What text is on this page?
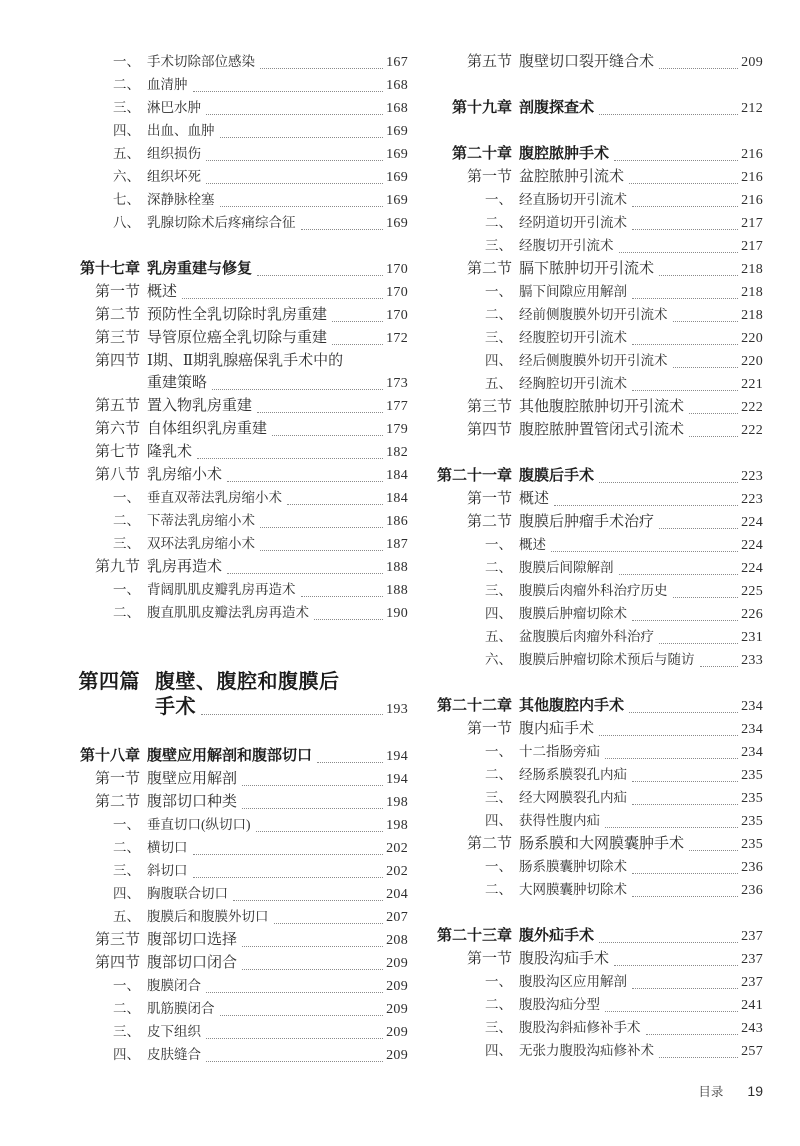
一、 手术切除部位感染	167
二、 血清肿	168
三、 淋巴水肿	168
四、 出血、血肿	169
五、 组织损伤	169
六、 组织坏死	169
七、 深静脉栓塞	169
八、 乳腺切除术后疼痛综合征	169
第十七章 乳房重建与修复	170
第一节 概述	170
第二节 预防性全乳切除时乳房重建	170
第三节 导管原位癌全乳切除与重建	172
第四节 Ⅰ期、Ⅱ期乳腺癌保乳手术中的
重建策略	173
第五节 置入物乳房重建	177
第六节 自体组织乳房重建	179
第七节 隆乳术	182
第八节 乳房缩小术	184
一、 垂直双蒂法乳房缩小术	184
二、 下蒂法乳房缩小术	186
三、 双环法乳房缩小术	187
第九节 乳房再造术	188
一、 背阔肌肌皮瓣乳房再造术	188
二、 腹直肌肌皮瓣法乳房再造术	190
第四篇 腹壁、腹腔和腹膜后
手术	193
第十八章 腹壁应用解剖和腹部切口	194
第一节 腹壁应用解剖	194
第二节 腹部切口种类	198
一、 垂直切口(纵切口)	198
二、 横切口	202
三、 斜切口	202
四、 胸腹联合切口	204
五、 腹膜后和腹膜外切口	207
第三节 腹部切口选择	208
第四节 腹部切口闭合	209
一、 腹膜闭合	209
二、 肌筋膜闭合	209
三、 皮下组织	209
四、 皮肤缝合	209
第五节 腹壁切口裂开缝合术	209
第十九章 剖腹探查术	212
第二十章 腹腔脓肿手术	216
第一节 盆腔脓肿引流术	216
一、 经直肠切开引流术	216
二、 经阴道切开引流术	217
三、 经腹切开引流术	217
第二节 膈下脓肿切开引流术	218
一、 膈下间隙应用解剖	218
二、 经前侧腹膜外切开引流术	218
三、 经腹腔切开引流术	220
四、 经后侧腹膜外切开引流术	220
五、 经胸腔切开引流术	221
第三节 其他腹腔脓肿切开引流术	222
第四节 腹腔脓肿置管闭式引流术	222
第二十一章 腹膜后手术	223
第一节 概述	223
第二节 腹膜后肿瘤手术治疗	224
一、 概述	224
二、 腹膜后间隙解剖	224
三、 腹膜后肉瘤外科治疗历史	225
四、 腹膜后肿瘤切除术	226
五、 盆腹膜后肉瘤外科治疗	231
六、 腹膜后肿瘤切除术预后与随访	233
第二十二章 其他腹腔内手术	234
第一节 腹内疝手术	234
一、 十二指肠旁疝	234
二、 经肠系膜裂孔内疝	235
三、 经大网膜裂孔内疝	235
四、 获得性腹内疝	235
第二节 肠系膜和大网膜囊肿手术	235
一、 肠系膜囊肿切除术	236
二、 大网膜囊肿切除术	236
第二十三章 腹外疝手术	237
第一节 腹股沟疝手术	237
一、 腹股沟区应用解剖	237
二、 腹股沟疝分型	241
三、 腹股沟斜疝修补手术	243
四、 无张力腹股沟疝修补术	257
目录 19
